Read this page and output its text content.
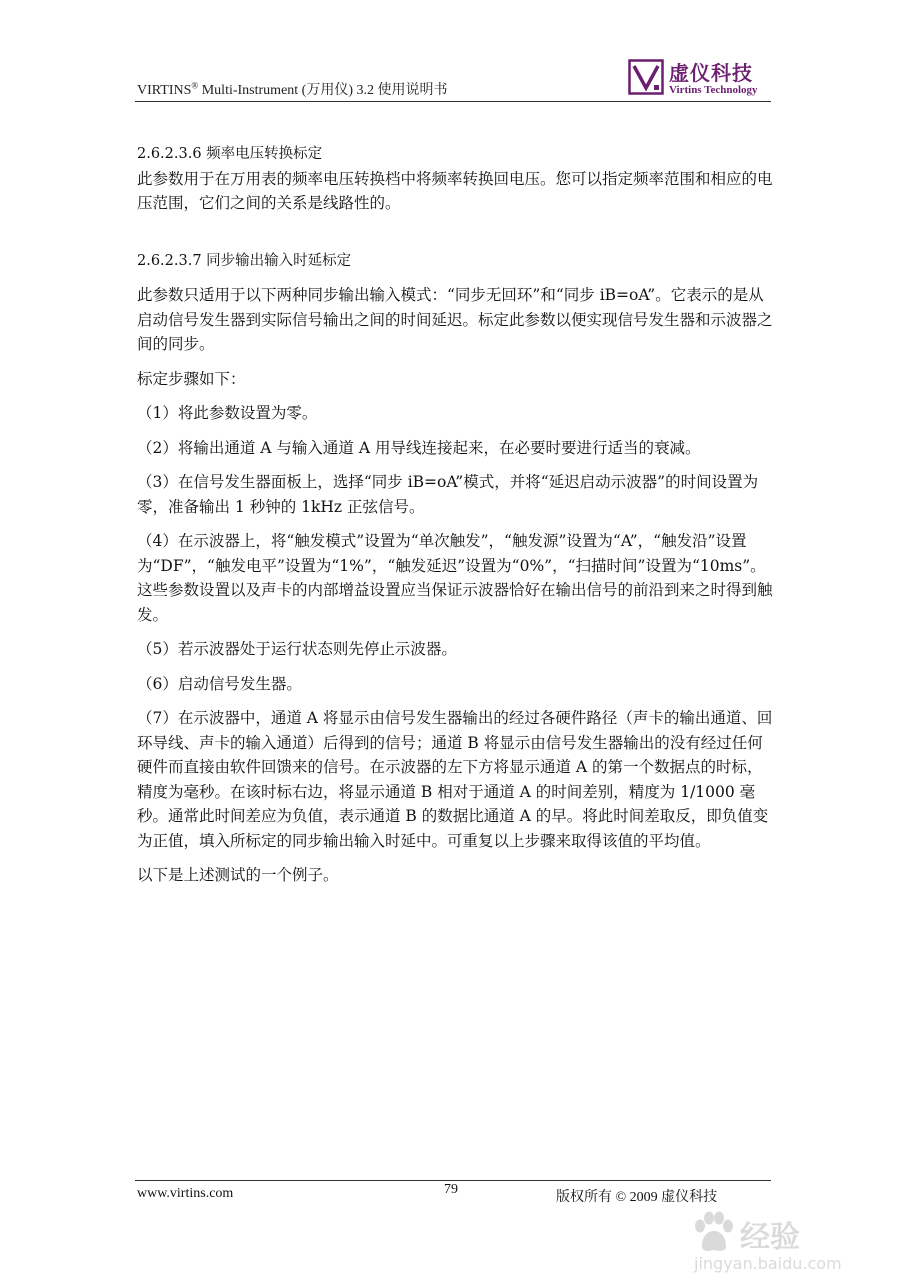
VIRTINS® Multi-Instrument (万用仪) 3.2 使用说明书
虚仪科技
Virtins Technology

2.6.2.3.6 频率电压转换标定

此参数用于在万用表的频率电压转换档中将频率转换回电压。您可以指定频率范围和相应的电压范围，它们之间的关系是线路性的。

2.6.2.3.7 同步输出输入时延标定

此参数只适用于以下两种同步输出输入模式：“同步无回环”和“同步 iB=oA”。它表示的是从启动信号发生器到实际信号输出之间的时间延迟。标定此参数以便实现信号发生器和示波器之间的同步。

标定步骤如下：

（1）将此参数设置为零。

（2）将输出通道 A 与输入通道 A 用导线连接起来，在必要时要进行适当的衰减。

（3）在信号发生器面板上，选择“同步 iB=oA”模式，并将“延迟启动示波器”的时间设置为零，准备输出 1 秒钟的 1kHz 正弦信号。

（4）在示波器上，将“触发模式”设置为“单次触发”，“触发源”设置为“A”，“触发沿”设置为“DF”，“触发电平”设置为“1%”，“触发延迟”设置为“0%”，“扫描时间”设置为“10ms”。这些参数设置以及声卡的内部增益设置应当保证示波器恰好在输出信号的前沿到来之时得到触发。

（5）若示波器处于运行状态则先停止示波器。

（6）启动信号发生器。

（7）在示波器中，通道 A 将显示由信号发生器输出的经过各硬件路径（声卡的输出通道、回环导线、声卡的输入通道）后得到的信号；通道 B 将显示由信号发生器输出的没有经过任何硬件而直接由软件回馈来的信号。在示波器的左下方将显示通道 A 的第一个数据点的时标，精度为毫秒。在该时标右边，将显示通道 B 相对于通道 A 的时间差别，精度为 1/1000 毫秒。通常此时间差应为负值，表示通道 B 的数据比通道 A 的早。将此时间差取反，即负值变为正值，填入所标定的同步输出输入时延中。可重复以上步骤来取得该值的平均值。

以下是上述测试的一个例子。

www.virtins.com	79
版权所有 © 2009 虚仪科技
经验
jingyan.baidu.com
